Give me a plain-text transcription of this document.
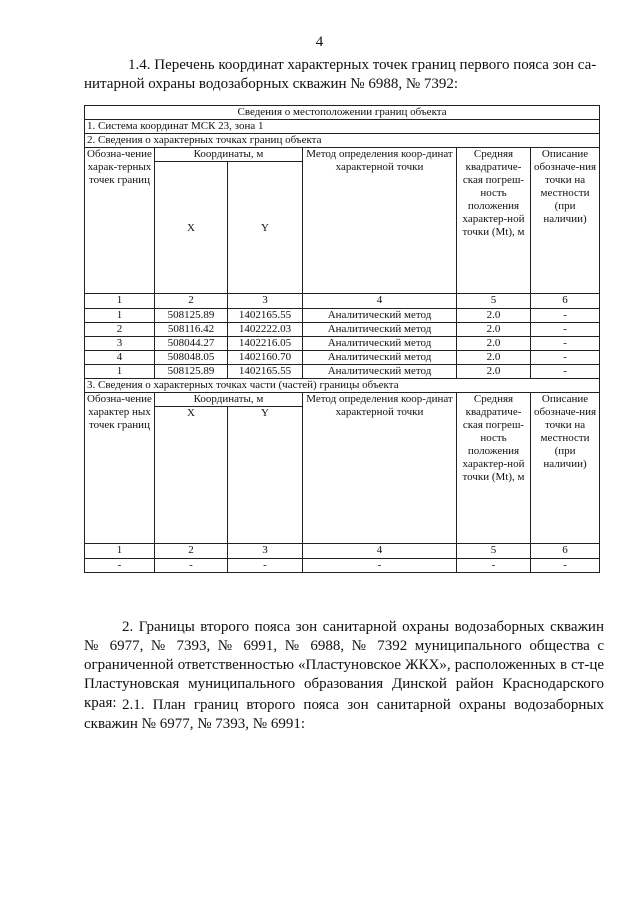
4
1.4. Перечень координат характерных точек границ первого пояса зон са-
нитарной охраны водозаборных скважин № 6988, № 7392:
Сведения о местоположении границ объекта					
1. Система координат МСК 23, зона 1					
2. Сведения о характерных точках границ объекта					
Обозна-чение харак-терных точек границ	Координаты, м		Метод определения коор-динат характерной точки	Средняя квадратиче-ская погреш-ность положения характер-ной точки (Mt), м	Описание обозначе-ния точки на местности (при наличии)

	X	Y			

1	2	3	4	5	6
1	508125.89	1402165.55	Аналитический метод	2.0	-
2	508116.42	1402222.03	Аналитический метод	2.0	-
3	508044.27	1402216.05	Аналитический метод	2.0	-
4	508048.05	1402160.70	Аналитический метод	2.0	-
1	508125.89	1402165.55	Аналитический метод	2.0	-
3. Сведения о характерных точках части (частей) границы объекта					
Обозна-чение характер ных точек границ	Координаты, м		Метод определения коор-динат характерной точки	Средняя квадратиче-ская погреш-ность положения характер-ной точки (Mt), м	Описание обозначе-ния точки на местности (при наличии)
	X	Y			
1	2	3	4	5	6
-	-	-	-	-	-
2. Границы второго пояса зон санитарной охраны водозаборных скважин № 6977, № 7393, № 6991, № 6988, № 7392 муниципального общества с ограниченной ответственностью «Пластуновское ЖКХ», расположенных в ст-це Пластуновская муниципального образования Динской район Краснодарского края: 2.1. План границ второго пояса зон санитарной охраны водозаборных скважин № 6977, № 7393, № 6991:
